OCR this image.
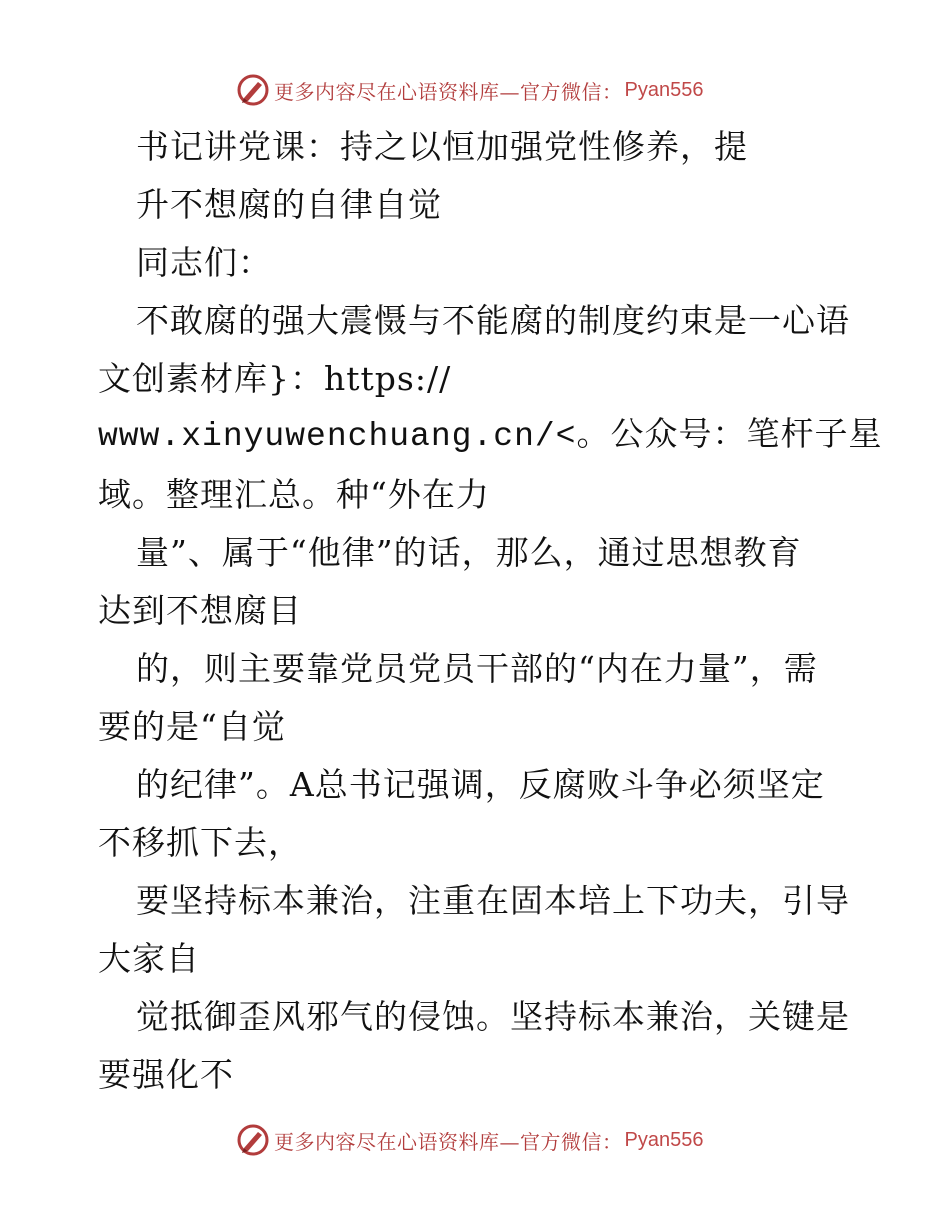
更多内容尽在心语资料库—官方微信： Pyan556
书记讲党课：持之以恒加强党性修养，提
升不想腐的自律自觉
同志们：
不敢腐的强大震慑与不能腐的制度约束是一心语
文创素材库}：https://
www.xinyuwenchuang.cn/<。公众号：笔杆子星
域。整理汇总。种“外在力
量”、属于“他律”的话，那么，通过思想教育
达到不想腐目
的，则主要靠党员党员干部的“内在力量”，需
要的是“自觉
的纪律”。A总书记强调，反腐败斗争必须坚定
不移抓下去，
要坚持标本兼治，注重在固本培上下功夫，引导
大家自
觉抵御歪风邪气的侵蚀。坚持标本兼治，关键是
要强化不
更多内容尽在心语资料库—官方微信： Pyan556
